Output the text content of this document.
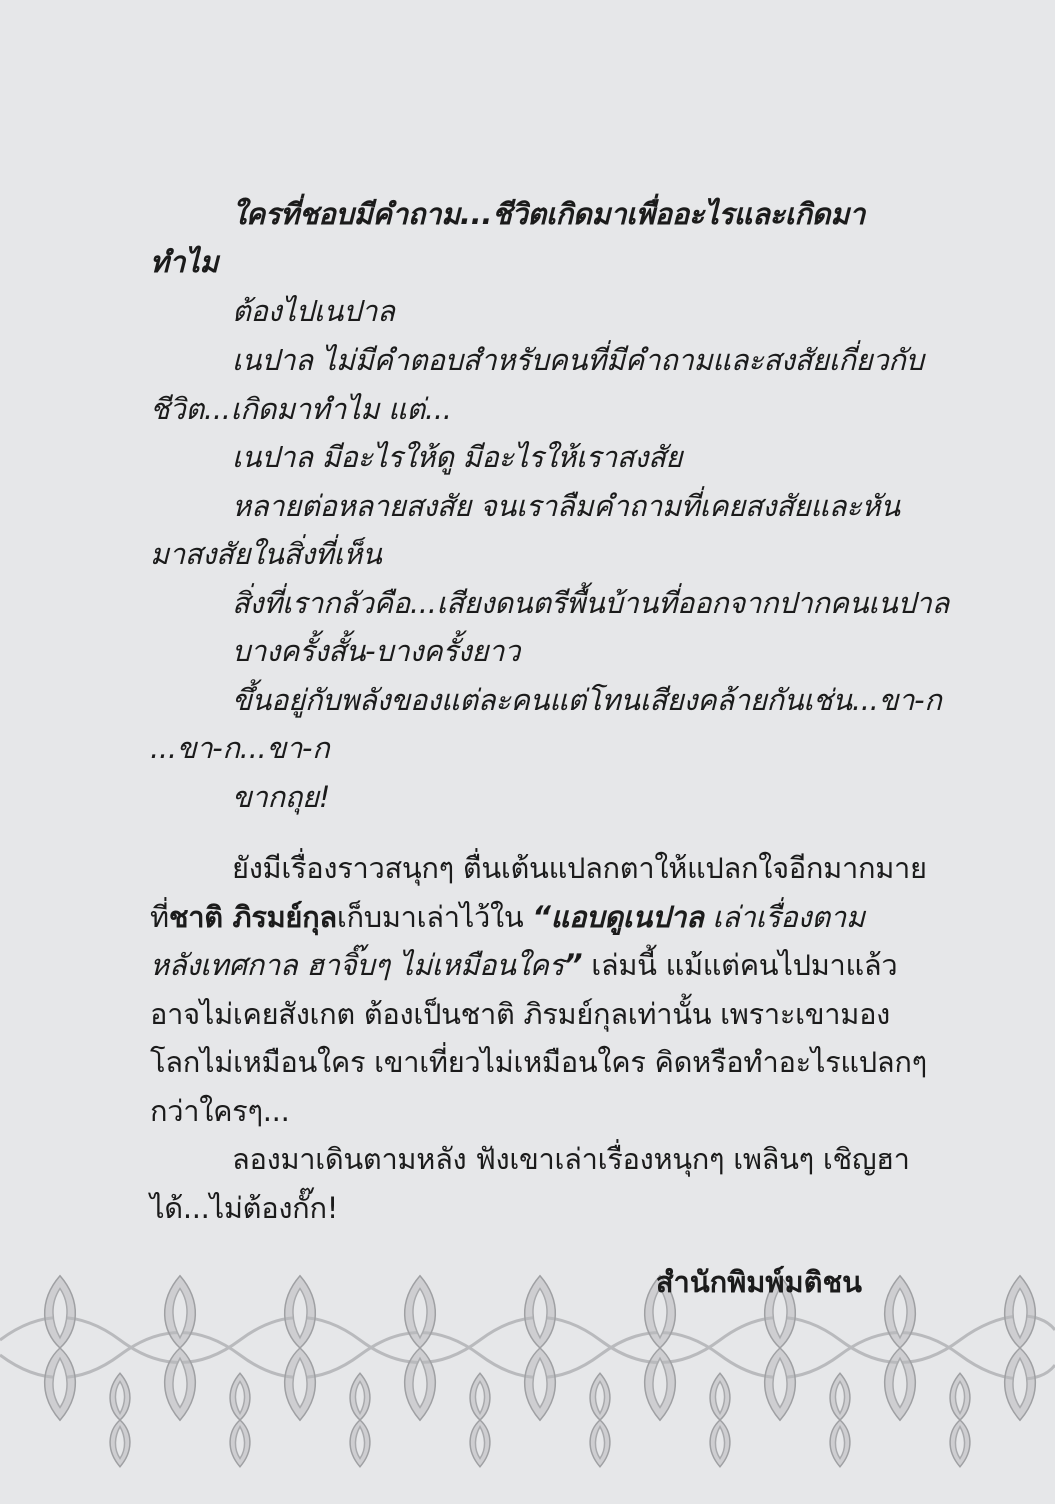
ใครที่ชอบมีคำถาม...ชีวิตเกิดมาเพื่ออะไรและเกิดมา
ทำไม
ต้องไปเนปาล
เนปาล ไม่มีคำตอบสำหรับคนที่มีคำถามและสงสัยเกี่ยวกับ
ชีวิต...เกิดมาทำไม แต่...
เนปาล มีอะไรให้ดู มีอะไรให้เราสงสัย
หลายต่อหลายสงสัย จนเราลืมคำถามที่เคยสงสัยและหัน
มาสงสัยในสิ่งที่เห็น
สิ่งที่เรากลัวคือ...เสียงดนตรีพื้นบ้านที่ออกจากปากคนเนปาล
บางครั้งสั้น-บางครั้งยาว
ขึ้นอยู่กับพลังของแต่ละคนแต่โทนเสียงคล้ายกันเช่น...ขา-ก
...ขา-ก...ขา-ก
ขากถุย!
ยังมีเรื่องราวสนุกๆ ตื่นเต้นแปลกตาให้แปลกใจอีกมากมาย
ที่ชาติ ภิรมย์กุลเก็บมาเล่าไว้ใน “แอบดูเนปาล เล่าเรื่องตาม
หลังเทศกาล ฮาจิ๊บๆ ไม่เหมือนใคร” เล่มนี้ แม้แต่คนไปมาแล้ว
อาจไม่เคยสังเกต ต้องเป็นชาติ ภิรมย์กุลเท่านั้น เพราะเขามอง
โลกไม่เหมือนใคร เขาเที่ยวไม่เหมือนใคร คิดหรือทำอะไรแปลกๆ
กว่าใครๆ...
ลองมาเดินตามหลัง ฟังเขาเล่าเรื่องหนุกๆ เพลินๆ เชิญฮา
ได้...ไม่ต้องกั๊ก!
สำนักพิมพ์มติชน
